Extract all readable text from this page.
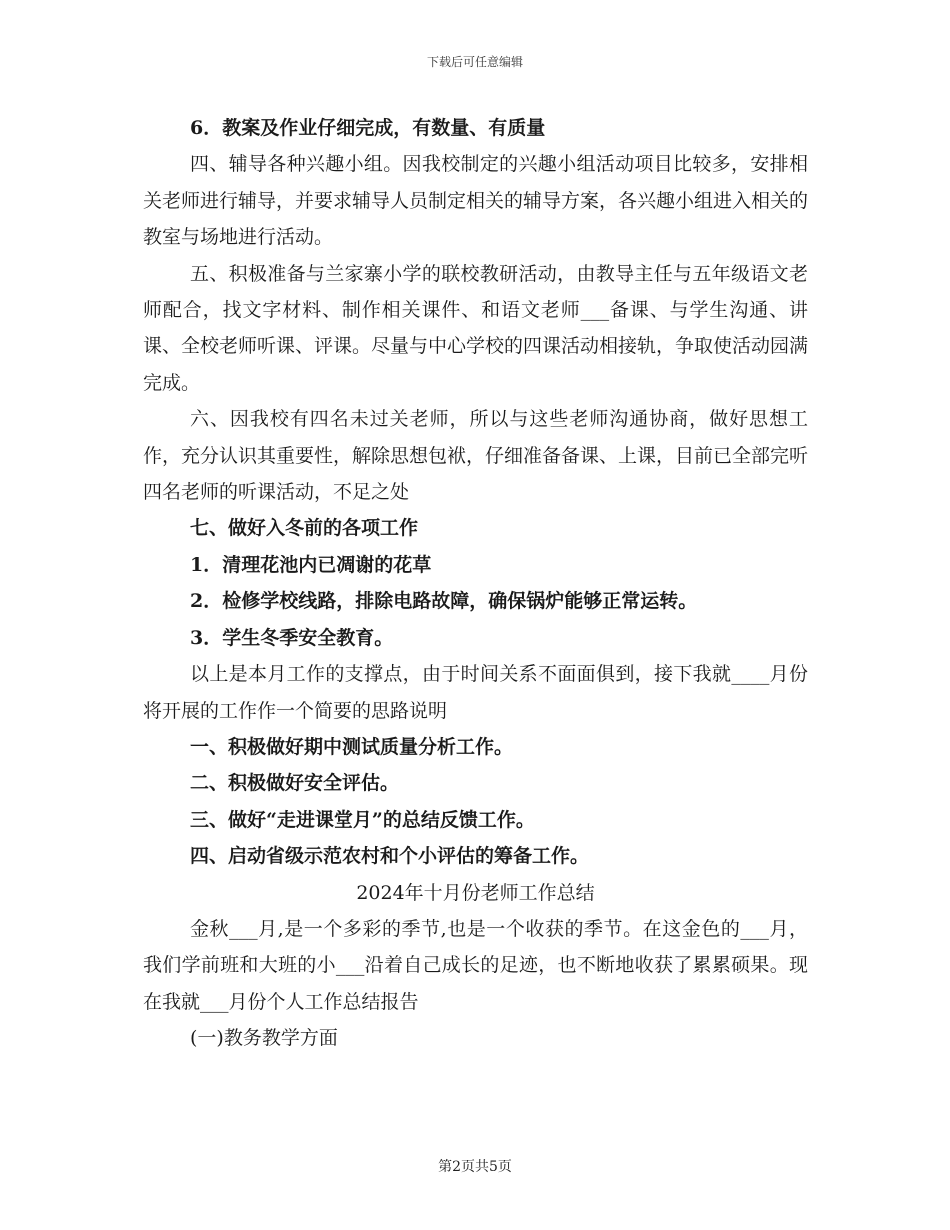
下载后可任意编辑

6．教案及作业仔细完成，有数量、有质量

四、辅导各种兴趣小组。因我校制定的兴趣小组活动项目比较多，安排相关老师进行辅导，并要求辅导人员制定相关的辅导方案，各兴趣小组进入相关的教室与场地进行活动。

五、积极准备与兰家寨小学的联校教研活动，由教导主任与五年级语文老师配合，找文字材料、制作相关课件、和语文老师___备课、与学生沟通、讲课、全校老师听课、评课。尽量与中心学校的四课活动相接轨，争取使活动园满完成。

六、因我校有四名未过关老师，所以与这些老师沟通协商，做好思想工作，充分认识其重要性，解除思想包袱，仔细准备备课、上课，目前已全部完听四名老师的听课活动，不足之处

七、做好入冬前的各项工作

1．清理花池内已凋谢的花草

2．检修学校线路，排除电路故障，确保锅炉能够正常运转。

3．学生冬季安全教育。

以上是本月工作的支撑点，由于时间关系不面面俱到，接下我就____月份将开展的工作作一个简要的思路说明

一、积极做好期中测试质量分析工作。

二、积极做好安全评估。

三、做好“走进课堂月”的总结反馈工作。

四、启动省级示范农村和个小评估的筹备工作。

2024年十月份老师工作总结

金秋___月,是一个多彩的季节,也是一个收获的季节。在这金色的___月，我们学前班和大班的小___沿着自己成长的足迹，也不断地收获了累累硕果。现在我就___月份个人工作总结报告

(一)教务教学方面

第2页共5页
